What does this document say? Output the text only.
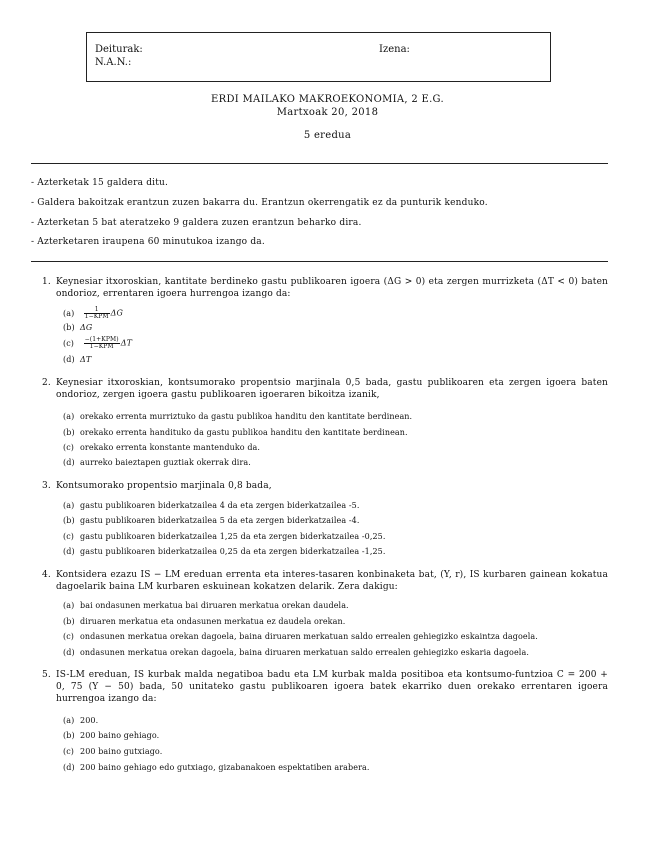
Deiturak:
N.A.N.:
Izena:
ERDI MAILAKO MAKROEKONOMIA, 2 E.G.
Martxoak 20, 2018
5 eredua
- Azterketak 15 galdera ditu.
- Galdera bakoitzak erantzun zuzen bakarra du. Erantzun okerrengatik ez da punturik kenduko.
- Azterketan 5 bat ateratzeko 9 galdera zuzen erantzun beharko dira.
- Azterketaren iraupena 60 minutukoa izango da.
1. Keynesiar itxoroskian, kantitate berdineko gastu publikoaren igoera (ΔG > 0) eta zergen murrizketa (ΔT < 0) baten ondorioz, errentaren igoera hurrengoa izango da:
$(a) \frac{1}{\text{1−KPM}}$ ΔG
(b) ΔG
$(c) \frac{\text{−(1+KPM)}}{\text{1−KPM}}$ ΔT
(d) ΔT
2. Keynesiar itxoroskian, kontsumorako propentsio marjinala 0,5 bada, gastu publikoaren eta zergen igoera baten ondorioz, zergen igoera gastu publikoaren igoeraren bikoitza izanik,
(a) orekako errenta murriztuko da gastu publikoa handitu den kantitate berdinean.
(b) orekako errenta handituko da gastu publikoa handitu den kantitate berdinean.
(c) orekako errenta konstante mantenduko da.
(d) aurreko baieztapen guztiak okerrak dira.
3. Kontsumorako propentsio marjinala 0,8 bada,
(a) gastu publikoaren biderkatzailea 4 da eta zergen biderkatzailea -5.
(b) gastu publikoaren biderkatzailea 5 da eta zergen biderkatzailea -4.
(c) gastu publikoaren biderkatzailea 1,25 da eta zergen biderkatzailea -0,25.
(d) gastu publikoaren biderkatzailea 0,25 da eta zergen biderkatzailea -1,25.
4. Kontsidera ezazu IS − LM ereduan errenta eta interes-tasaren konbinaketa bat, (Y, r), IS kurbaren gainean kokatua dagoelarik baina LM kurbaren eskuinean kokatzen delarik. Zera dakigu:
(a) bai ondasunen merkatua bai diruaren merkatua orekan daudela.
(b) diruaren merkatua eta ondasunen merkatua ez daudela orekan.
(c) ondasunen merkatua orekan dagoela, baina diruaren merkatuan saldo errealen gehiegizko eskaintza dagoela.
(d) ondasunen merkatua orekan dagoela, baina diruaren merkatuan saldo errealen gehiegizko eskaria dagoela.
5. IS-LM ereduan, IS kurbak malda negatiboa badu eta LM kurbak malda positiboa eta kontsumo-funtzioa C = 200 + 0, 75 (Y − 50) bada, 50 unitateko gastu publikoaren igoera batek ekarriko duen orekako errentaren igoera hurrengoa izango da:
(a) 200.
(b) 200 baino gehiago.
(c) 200 baino gutxiago.
(d) 200 baino gehiago edo gutxiago, gizabanakoen espektatiben arabera.
